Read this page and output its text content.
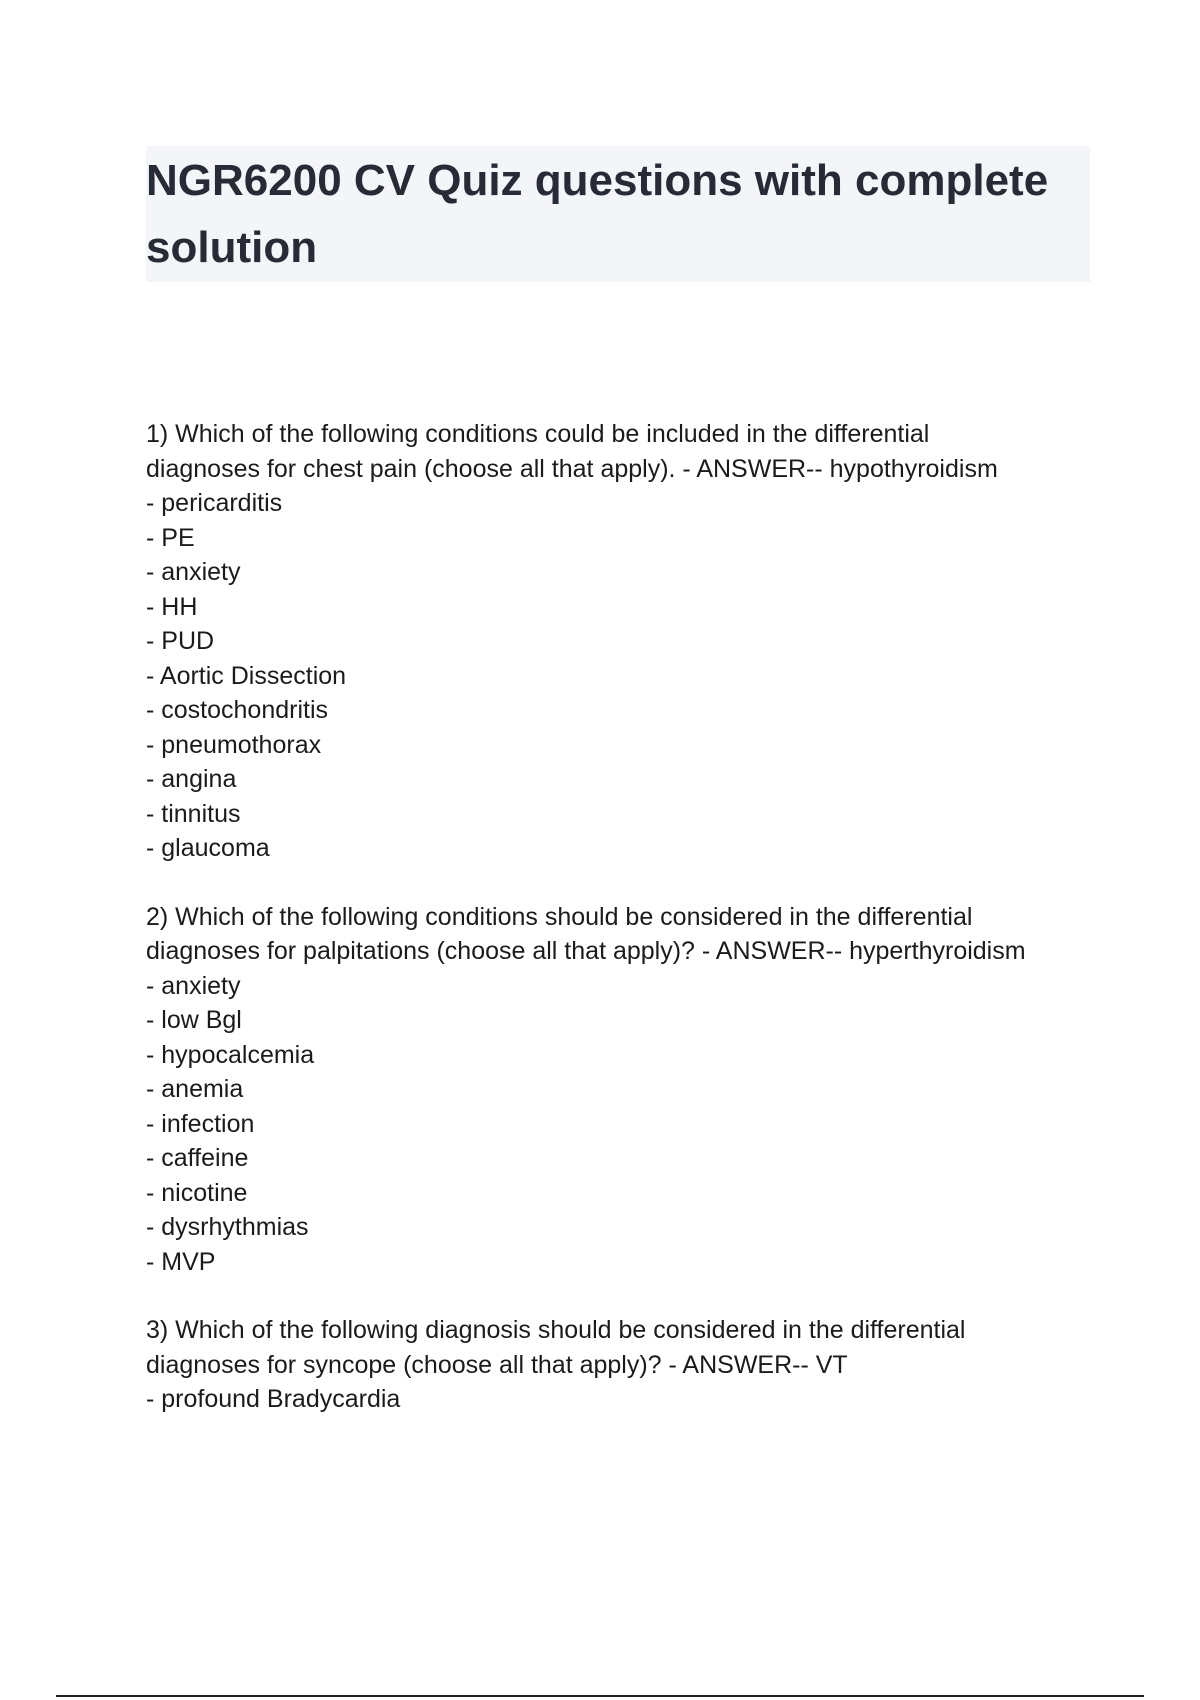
NGR6200 CV Quiz questions with complete solution
1) Which of the following conditions could be included in the differential
diagnoses for chest pain (choose all that apply). - ANSWER-- hypothyroidism
- pericarditis
- PE
- anxiety
- HH
- PUD
- Aortic Dissection
- costochondritis
- pneumothorax
- angina
- tinnitus
- glaucoma
2) Which of the following conditions should be considered in the differential
diagnoses for palpitations (choose all that apply)? - ANSWER-- hyperthyroidism
- anxiety
- low Bgl
- hypocalcemia
- anemia
- infection
- caffeine
- nicotine
- dysrhythmias
- MVP
3) Which of the following diagnosis should be considered in the differential
diagnoses for syncope (choose all that apply)? - ANSWER-- VT
- profound Bradycardia
